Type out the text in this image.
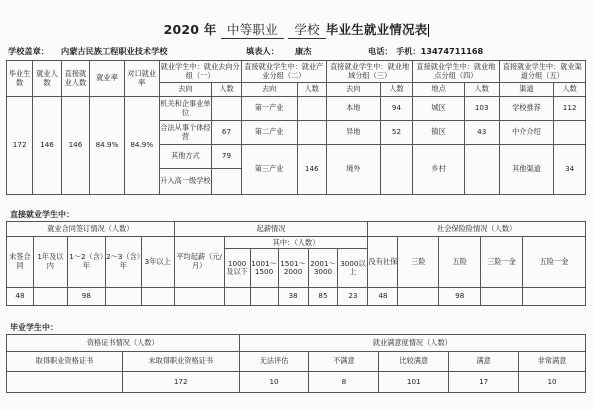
2020 年 中等职业 学校 毕业生就业情况表
学校盖章： 内蒙古民族工程职业技术学校	填表人： 康杰	电话： 手机：13474711168
毕业生数	就业人数	直接就业人数	就业率	对口就业率	就业学生中：就业去向分组（一）		直接就业学生中：就业产业分组（二）		直接就业学生中：就业地域分组（三）		直接就业学生中：就业地点分组（四）		直接就业学生中：就业渠道分组（五）	
					去向	人数	去向	人数	去向	人数	地点	人数	渠道	人数
172	146	146	84.9%	84.9%	机关和企事业单位		第一产业		本地	94	城区	103	学校推荐	112
					合法从事个体经营	67	第二产业		异地	52	镇区	43	中介介绍	
					其他方式	79	第三产业	146	境外		乡村		其他渠道	34
					升入高一级学校									
直接就业学生中：
就业合同签订情况（人数）					起薪情况						社会保险险情况（人数）				
未签合同	1年及以内	1～2（含）年	2～3（含）年	3年以上	平均起薪（元/月）	其中：（人数）					没有社保	三险	五险	三险一金	五险一金
						1000及以下	1001～1500	1501～2000	2001～3000	3000以上					
48		98						38	85	23	48		98		
毕业学生中：
资格证书情况（人数）		就业满意度情况（人数）				
取得职业资格证书	未取得职业资格证书	无法评估	不满意	比较满意	满意	非常满意
	172	10	8	101	17	10
